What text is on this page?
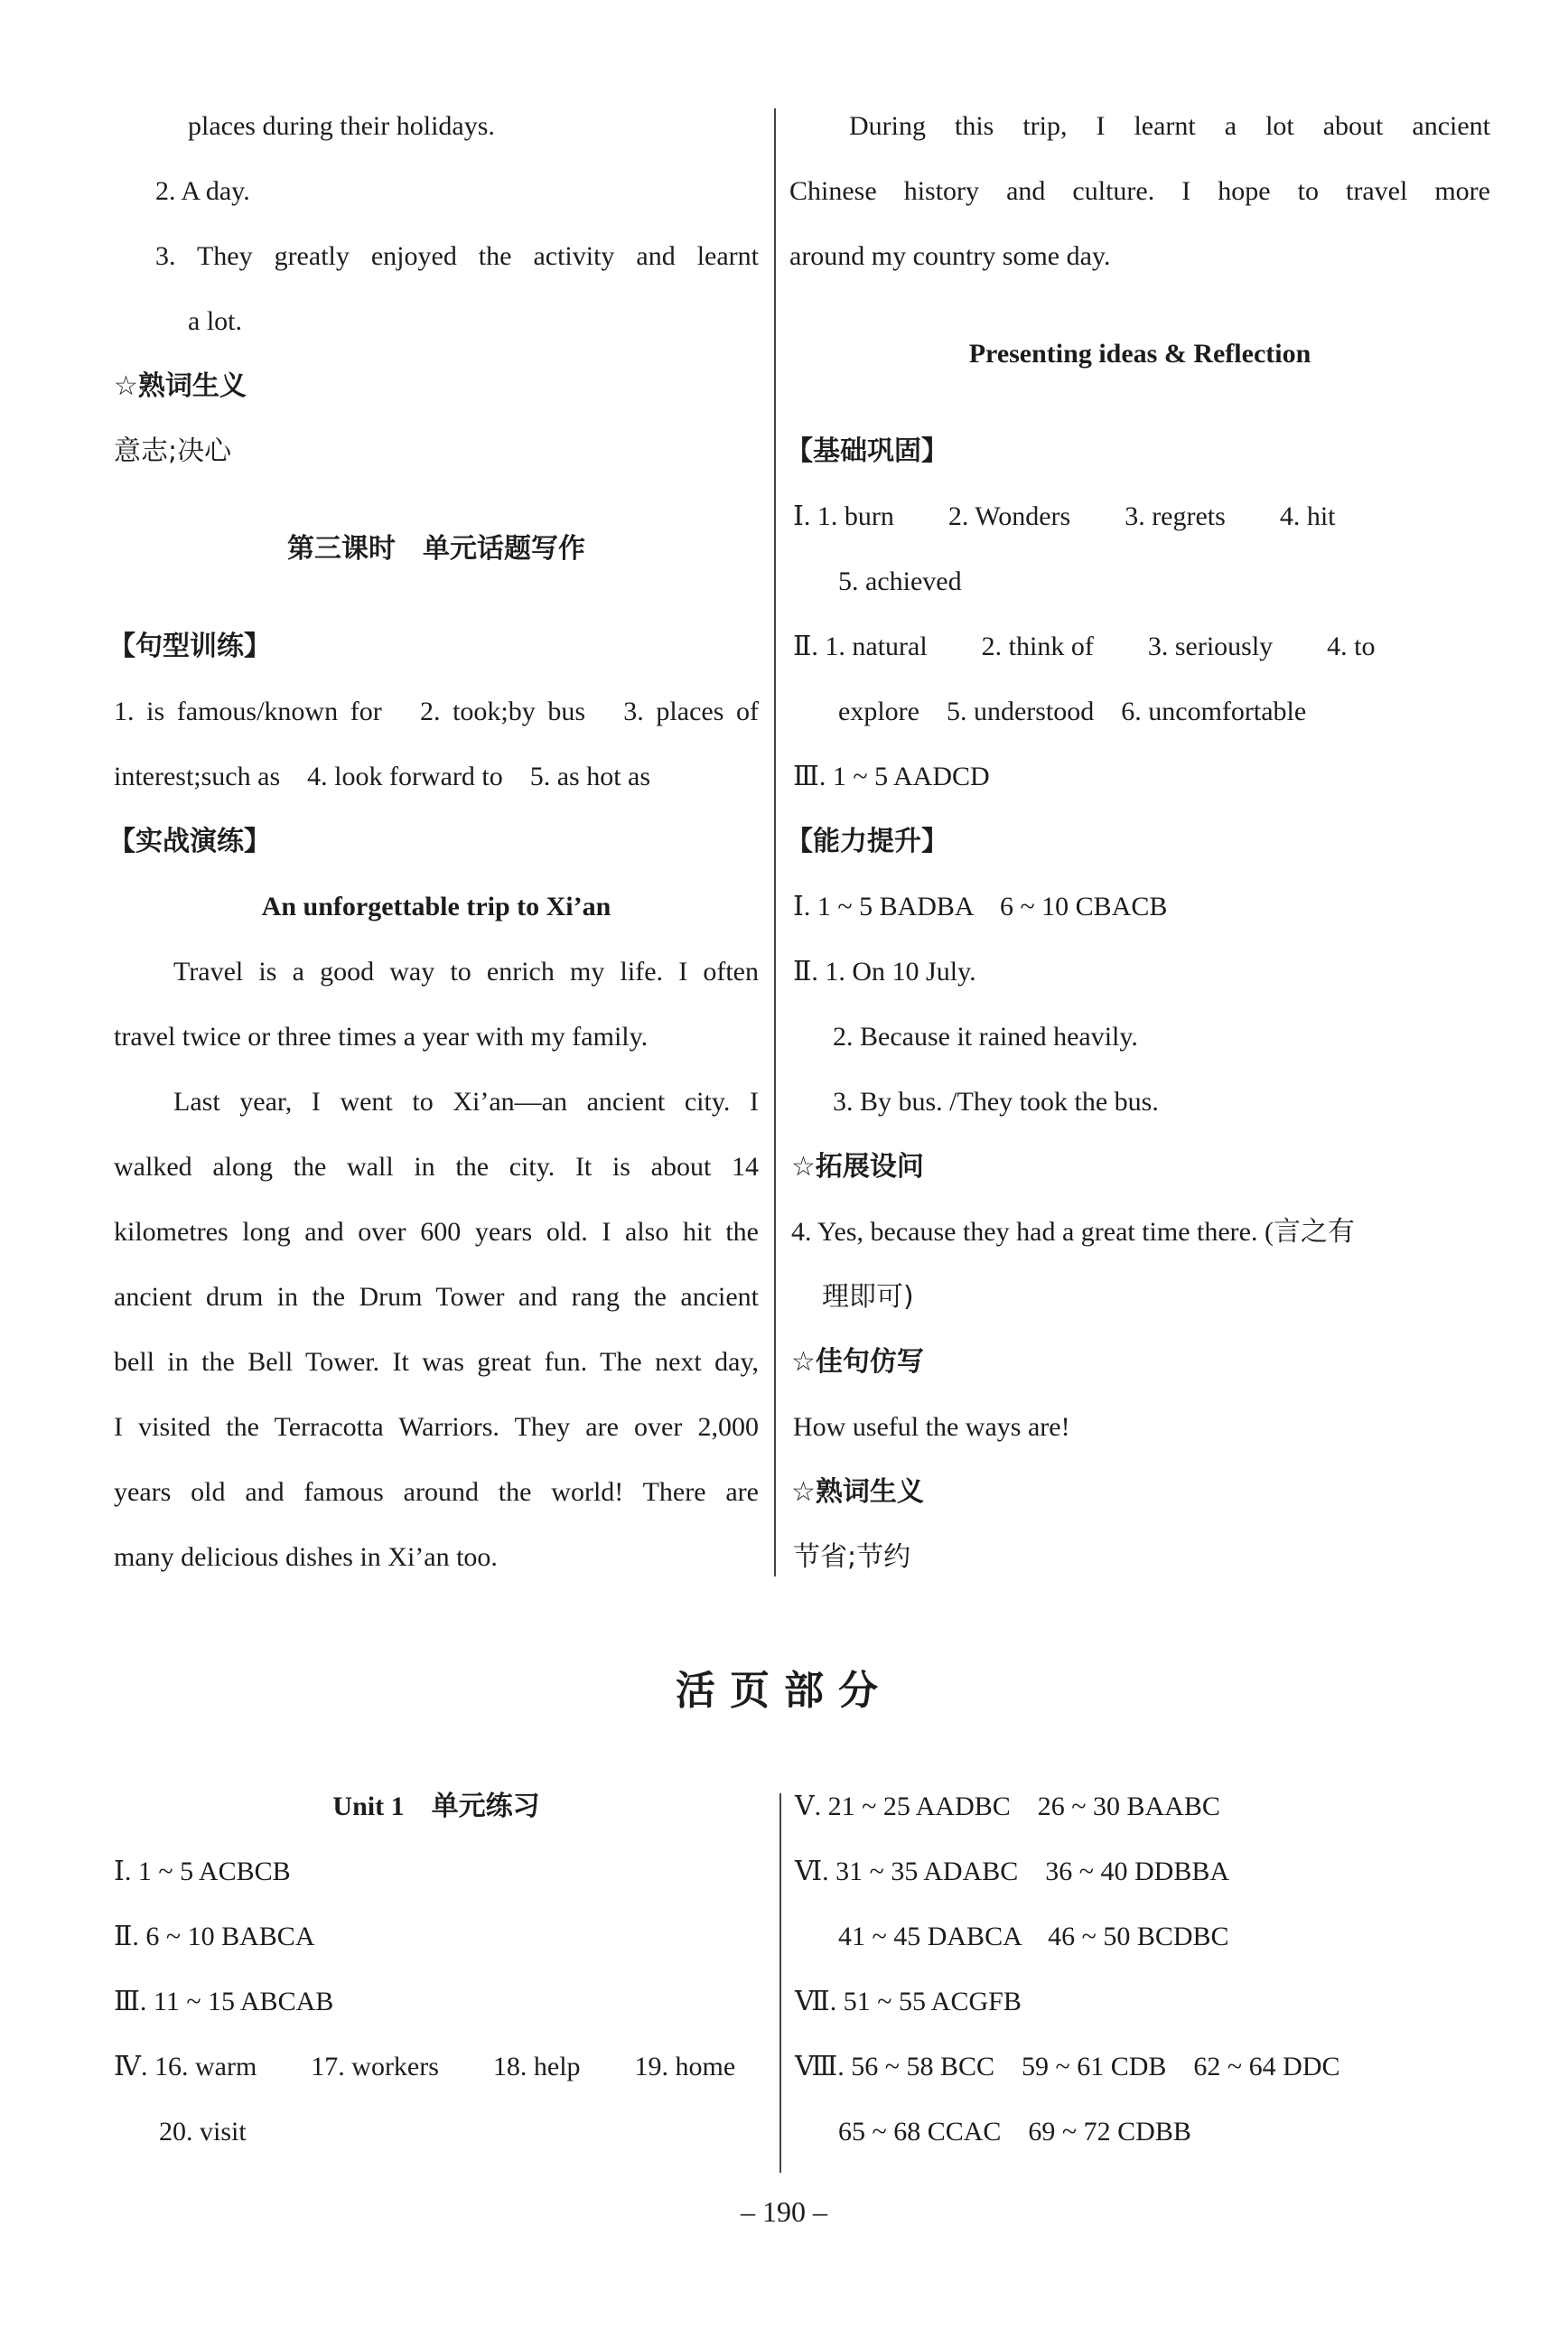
places during their holidays.
2. A day.
3. They greatly enjoyed the activity and learnt
a lot.
☆熟词生义
意志;决心
第三课时　单元话题写作
【句型训练】
1. is famous/known for　2. took;by bus　3. places of
interest;such as　4. look forward to　5. as hot as
【实战演练】
An unforgettable trip to Xi’an
Travel is a good way to enrich my life. I often
travel twice or three times a year with my family.
Last year, I went to Xi’an—an ancient city. I
walked along the wall in the city. It is about 14
kilometres long and over 600 years old. I also hit the
ancient drum in the Drum Tower and rang the ancient
bell in the Bell Tower. It was great fun. The next day,
I visited the Terracotta Warriors. They are over 2,000
years old and famous around the world! There are
many delicious dishes in Xi’an too.
During this trip, I learnt a lot about ancient
Chinese history and culture. I hope to travel more
around my country some day.
Presenting ideas & Reflection
【基础巩固】
Ⅰ. 1. burn　　2. Wonders　　3. regrets　　4. hit
5. achieved
Ⅱ. 1. natural　　2. think of　　3. seriously　　4. to
explore　5. understood　6. uncomfortable
Ⅲ. 1 ~ 5 AADCD
【能力提升】
Ⅰ. 1 ~ 5 BADBA　6 ~ 10 CBACB
Ⅱ. 1. On 10 July.
2. Because it rained heavily.
3. By bus. /They took the bus.
☆拓展设问
4. Yes, because they had a great time there. (言之有
理即可)
☆佳句仿写
How useful the ways are!
☆熟词生义
节省;节约
活页部分
Unit 1　单元练习
Ⅰ. 1 ~ 5 ACBCB
Ⅱ. 6 ~ 10 BABCA
Ⅲ. 11 ~ 15 ABCAB
Ⅳ. 16. warm　　17. workers　　18. help　　19. home
20. visit
Ⅴ. 21 ~ 25 AADBC　26 ~ 30 BAABC
Ⅵ. 31 ~ 35 ADABC　36 ~ 40 DDBBA
41 ~ 45 DABCA　46 ~ 50 BCDBC
Ⅶ. 51 ~ 55 ACGFB
Ⅷ. 56 ~ 58 BCC　59 ~ 61 CDB　62 ~ 64 DDC
65 ~ 68 CCAC　69 ~ 72 CDBB
– 190 –
